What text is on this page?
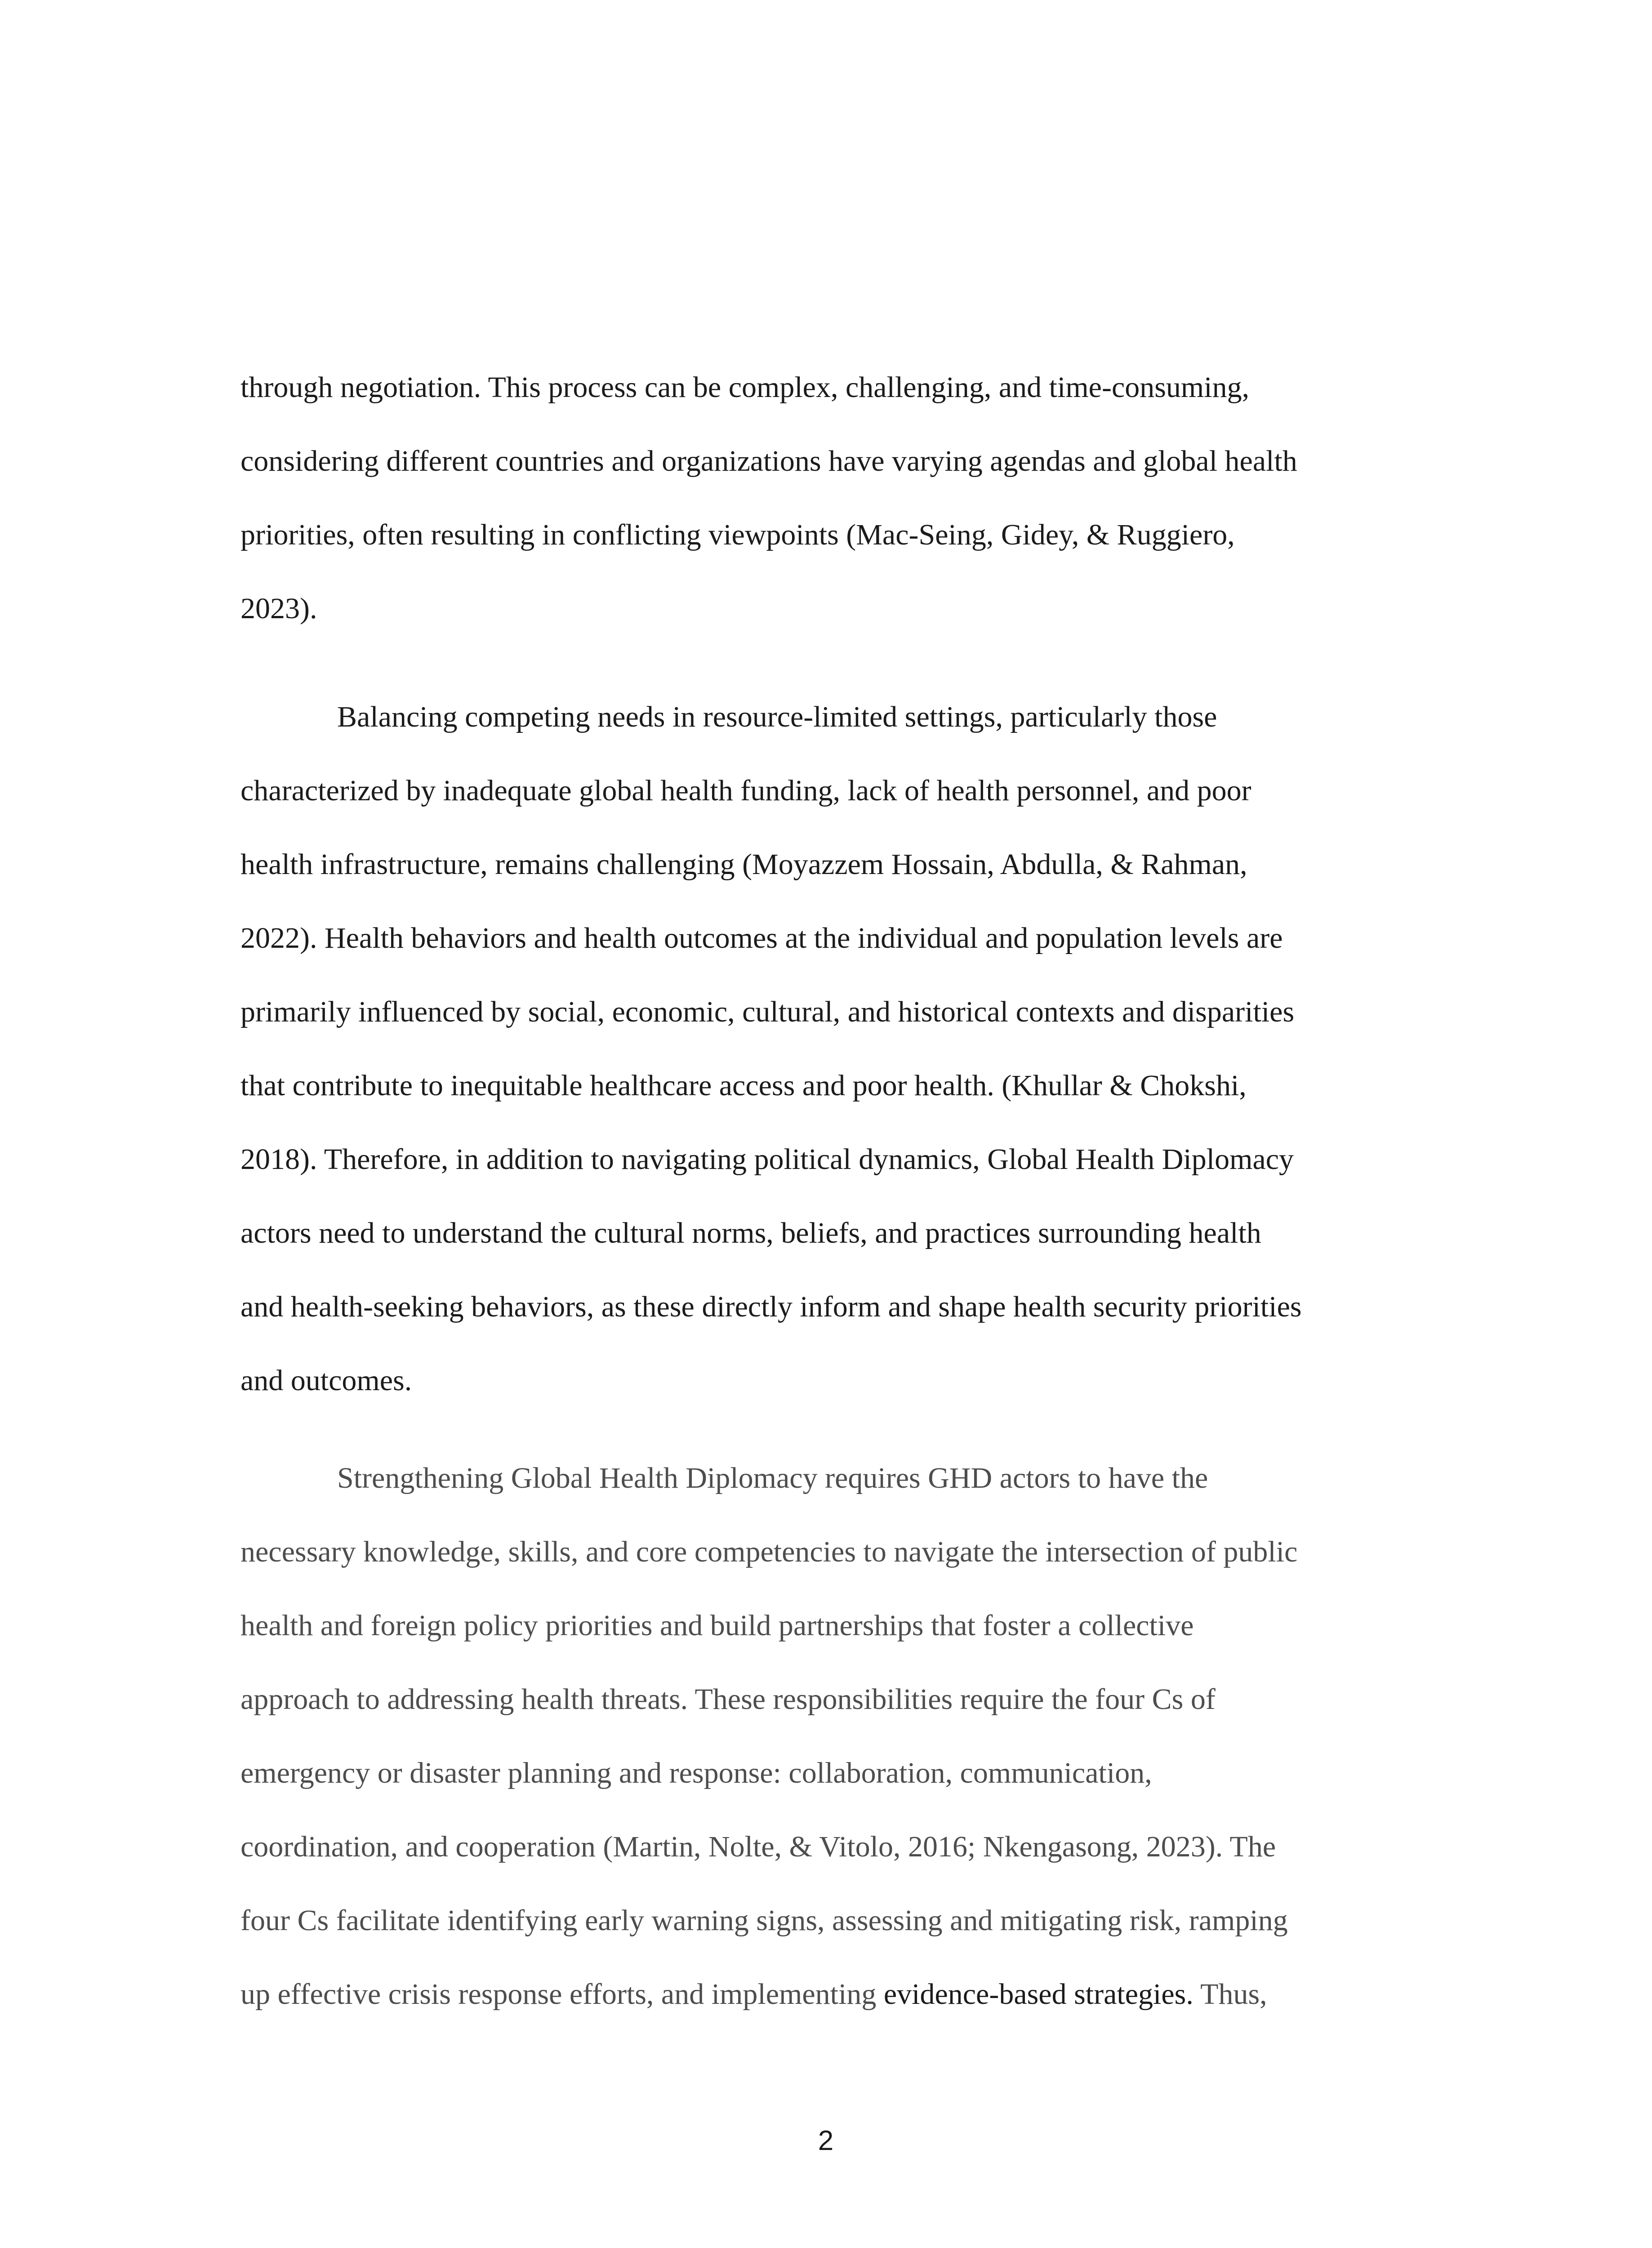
through negotiation. This process can be complex, challenging, and time-consuming,

considering different countries and organizations have varying agendas and global health

priorities, often resulting in conflicting viewpoints (Mac-Seing, Gidey, & Ruggiero,

2023).

Balancing competing needs in resource-limited settings, particularly those

characterized by inadequate global health funding, lack of health personnel, and poor

health infrastructure, remains challenging (Moyazzem Hossain, Abdulla, & Rahman,

2022). Health behaviors and health outcomes at the individual and population levels are

primarily influenced by social, economic, cultural, and historical contexts and disparities

that contribute to inequitable healthcare access and poor health. (Khullar & Chokshi,

2018). Therefore, in addition to navigating political dynamics, Global Health Diplomacy

actors need to understand the cultural norms, beliefs, and practices surrounding health

and health-seeking behaviors, as these directly inform and shape health security priorities

and outcomes.

Strengthening Global Health Diplomacy requires GHD actors to have the

necessary knowledge, skills, and core competencies to navigate the intersection of public

health and foreign policy priorities and build partnerships that foster a collective

approach to addressing health threats. These responsibilities require the four Cs of

emergency or disaster planning and response: collaboration, communication,

coordination, and cooperation (Martin, Nolte, & Vitolo, 2016; Nkengasong, 2023). The

four Cs facilitate identifying early warning signs, assessing and mitigating risk, ramping

up effective crisis response efforts, and implementing evidence-based strategies. Thus,

2
